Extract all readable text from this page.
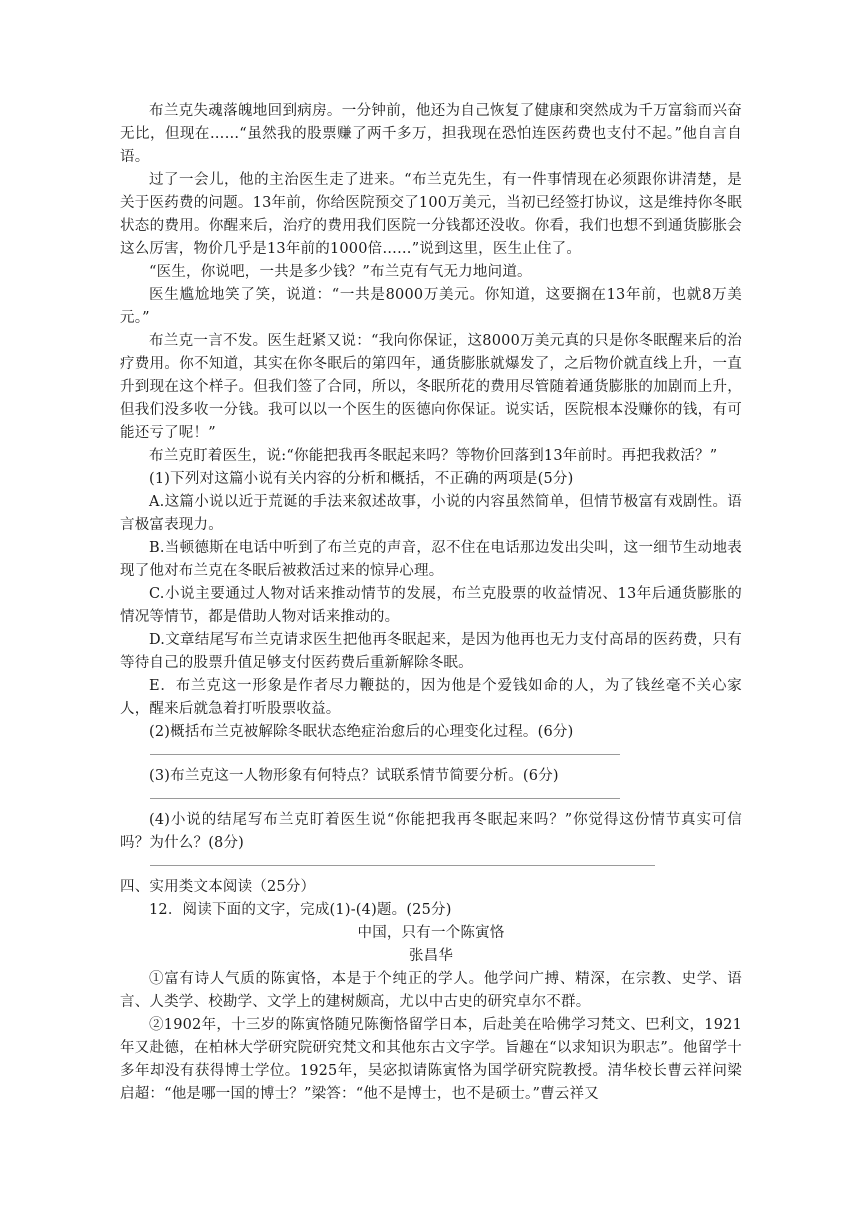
布兰克失魂落魄地回到病房。一分钟前，他还为自己恢复了健康和突然成为千万富翁而兴奋无比，但现在……“虽然我的股票赚了两千多万，担我现在恐怕连医药费也支付不起。”他自言自语。

过了一会儿，他的主治医生走了进来。“布兰克先生，有一件事情现在必须跟你讲清楚，是关于医药费的问题。13年前，你给医院预交了100万美元，当初已经签打协议，这是维持你冬眠状态的费用。你醒来后，治疗的费用我们医院一分钱都还没收。你看，我们也想不到通货膨胀会这么厉害，物价几乎是13年前的1000倍……”说到这里，医生止住了。

“医生，你说吧，一共是多少钱？”布兰克有气无力地问道。

医生尴尬地笑了笑，说道：“一共是8000万美元。你知道，这要搁在13年前，也就8万美元。”

布兰克一言不发。医生赶紧又说：“我向你保证，这8000万美元真的只是你冬眠醒来后的治疗费用。你不知道，其实在你冬眠后的第四年，通货膨胀就爆发了，之后物价就直线上升，一直升到现在这个样子。但我们签了合同，所以，冬眠所花的费用尽管随着通货膨胀的加剧而上升，但我们没多收一分钱。我可以以一个医生的医德向你保证。说实话，医院根本没赚你的钱，有可能还亏了呢！”

布兰克盯着医生，说:“你能把我再冬眠起来吗？等物价回落到13年前时。再把我救活？”

(1)下列对这篇小说有关内容的分析和概括，不正确的两项是(5分)

A.这篇小说以近于荒诞的手法来叙述故事，小说的内容虽然简单，但情节极富有戏剧性。语言极富表现力。

B.当顿德斯在电话中听到了布兰克的声音，忍不住在电话那边发出尖叫，这一细节生动地表现了他对布兰克在冬眠后被救活过来的惊异心理。

C.小说主要通过人物对话来推动情节的发展，布兰克股票的收益情况、13年后通货膨胀的情况等情节，都是借助人物对话来推动的。

D.文章结尾写布兰克请求医生把他再冬眠起来，是因为他再也无力支付高昂的医药费，只有等待自己的股票升值足够支付医药费后重新解除冬眠。

E．布兰克这一形象是作者尽力鞭挞的，因为他是个爱钱如命的人，为了钱丝毫不关心家人，醒来后就急着打听股票收益。

(2)概括布兰克被解除冬眠状态绝症治愈后的心理变化过程。(6分)

(3)布兰克这一人物形象有何特点？试联系情节简要分析。(6分)

(4)小说的结尾写布兰克盯着医生说“你能把我再冬眠起来吗？”你觉得这份情节真实可信吗？为什么？(8分)

四、实用类文本阅读（25分）

12．阅读下面的文字，完成(1)-(4)题。(25分)

中国，只有一个陈寅恪

张昌华

①富有诗人气质的陈寅恪，本是于个纯正的学人。他学问广搏、精深，在宗教、史学、语言、人类学、校勘学、文学上的建树颇高，尤以中古史的研究卓尔不群。

②1902年，十三岁的陈寅恪随兄陈衡恪留学日本，后赴美在哈佛学习梵文、巴利文，1921年又赴德，在柏林大学研究院研究梵文和其他东古文字学。旨趣在“以求知识为职志”。他留学十多年却没有获得博士学位。1925年，吴宓拟请陈寅恪为国学研究院教授。清华校长曹云祥问梁启超：“他是哪一国的博士？”梁答：“他不是博士，也不是硕士。”曹云祥又
